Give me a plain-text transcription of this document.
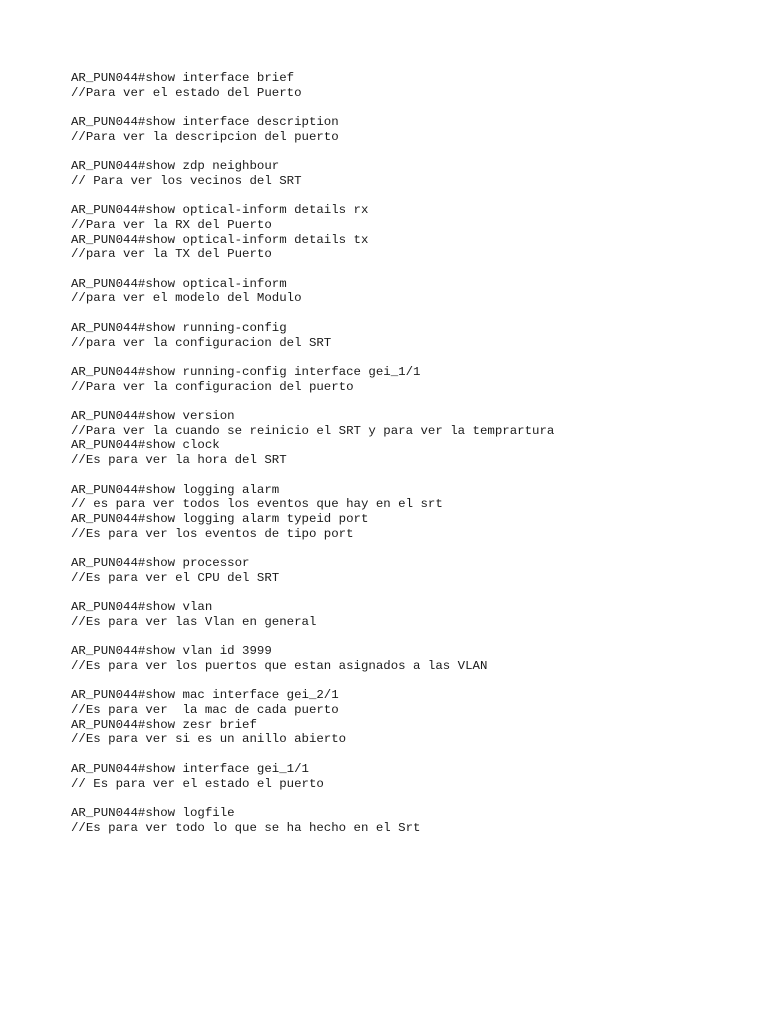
AR_PUN044#show interface brief
//Para ver el estado del Puerto
AR_PUN044#show interface description
//Para ver la descripcion del puerto
AR_PUN044#show zdp neighbour
// Para ver los vecinos del SRT
AR_PUN044#show optical-inform details rx
//Para ver la RX del Puerto
AR_PUN044#show optical-inform details tx
//para ver la TX del Puerto
AR_PUN044#show optical-inform
//para ver el modelo del Modulo
AR_PUN044#show running-config
//para ver la configuracion del SRT
AR_PUN044#show running-config interface gei_1/1
//Para ver la configuracion del puerto
AR_PUN044#show version
//Para ver la cuando se reinicio el SRT y para ver la temprartura
AR_PUN044#show clock
//Es para ver la hora del SRT
AR_PUN044#show logging alarm
// es para ver todos los eventos que hay en el srt
AR_PUN044#show logging alarm typeid port
//Es para ver los eventos de tipo port
AR_PUN044#show processor
//Es para ver el CPU del SRT
AR_PUN044#show vlan
//Es para ver las Vlan en general
AR_PUN044#show vlan id 3999
//Es para ver los puertos que estan asignados a las VLAN
AR_PUN044#show mac interface gei_2/1
//Es para ver  la mac de cada puerto
AR_PUN044#show zesr brief
//Es para ver si es un anillo abierto
AR_PUN044#show interface gei_1/1
// Es para ver el estado el puerto
AR_PUN044#show logfile
//Es para ver todo lo que se ha hecho en el Srt
